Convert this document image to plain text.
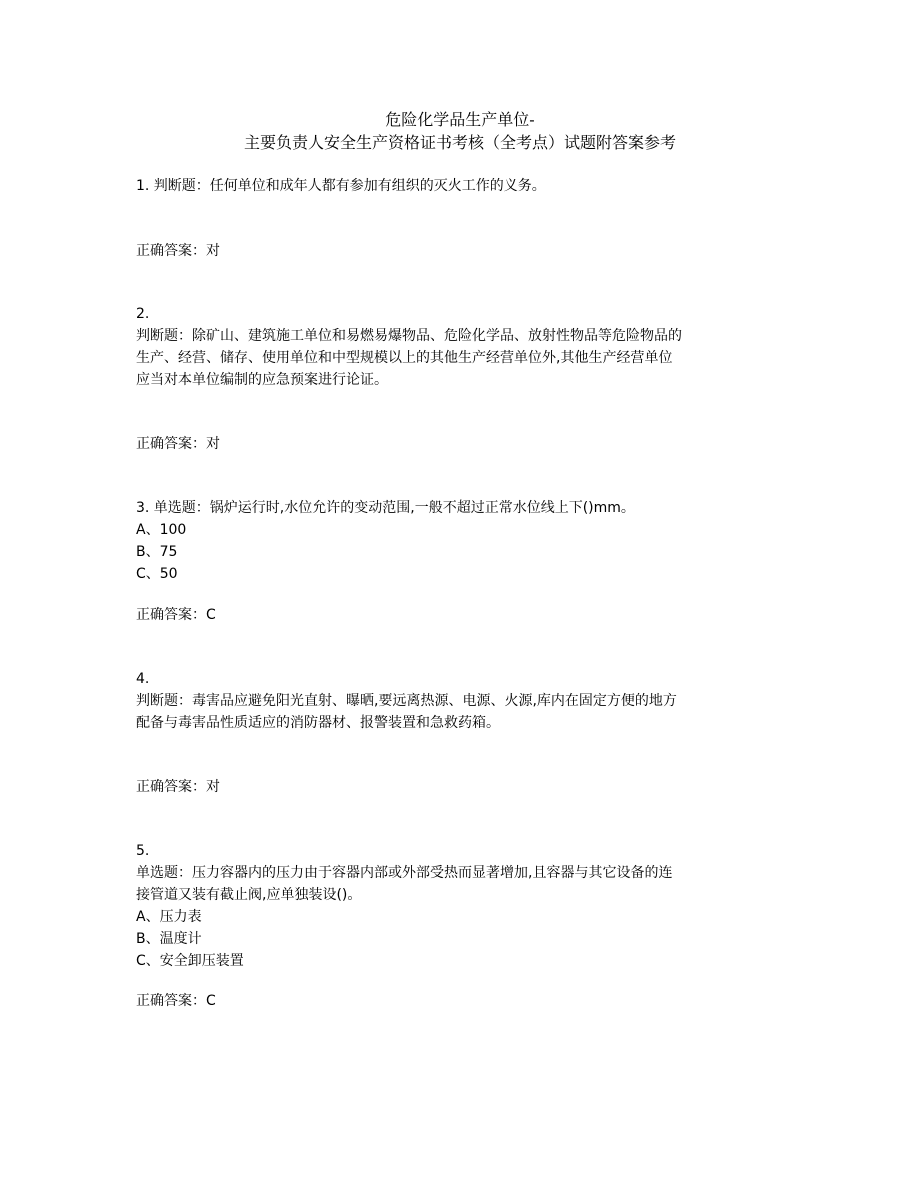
危险化学品生产单位-
主要负责人安全生产资格证书考核（全考点）试题附答案参考
1. 判断题：任何单位和成年人都有参加有组织的灭火工作的义务。
正确答案：对
2.
判断题：除矿山、建筑施工单位和易燃易爆物品、危险化学品、放射性物品等危险物品的
生产、经营、储存、使用单位和中型规模以上的其他生产经营单位外,其他生产经营单位
应当对本单位编制的应急预案进行论证。
正确答案：对
3. 单选题：锅炉运行时,水位允许的变动范围,一般不超过正常水位线上下()mm。
A、100
B、75
C、50
正确答案：C
4.
判断题：毒害品应避免阳光直射、曝晒,要远离热源、电源、火源,库内在固定方便的地方
配备与毒害品性质适应的消防器材、报警装置和急救药箱。
正确答案：对
5.
单选题：压力容器内的压力由于容器内部或外部受热而显著增加,且容器与其它设备的连
接管道又装有截止阀,应单独装设()。
A、压力表
B、温度计
C、安全卸压装置
正确答案：C
